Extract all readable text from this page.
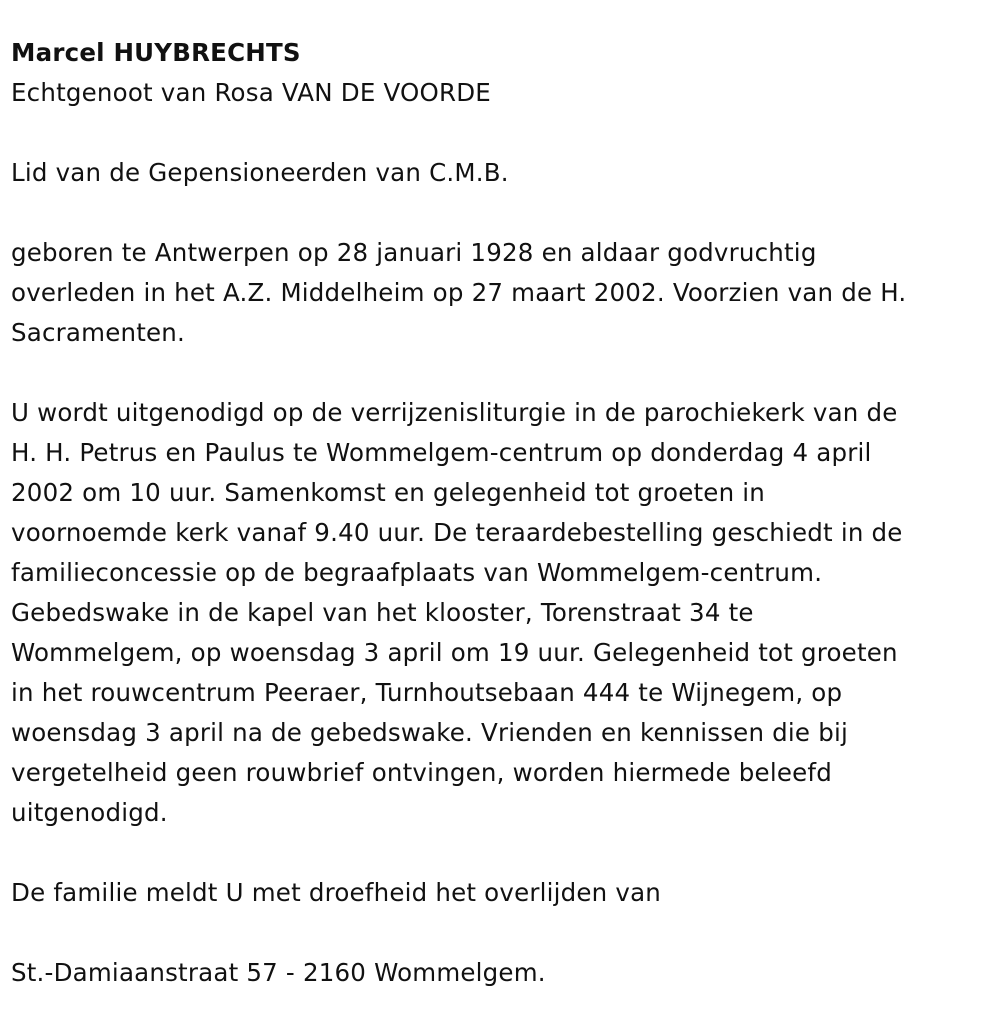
Marcel HUYBRECHTS
Echtgenoot van Rosa VAN DE VOORDE
Lid van de Gepensioneerden van C.M.B.
geboren te Antwerpen op 28 januari 1928 en aldaar godvruchtig
overleden in het A.Z. Middelheim op 27 maart 2002. Voorzien van de H.
Sacramenten.
U wordt uitgenodigd op de verrijzenisliturgie in de parochiekerk van de
H. H. Petrus en Paulus te Wommelgem-centrum op donderdag 4 april
2002 om 10 uur. Samenkomst en gelegenheid tot groeten in
voornoemde kerk vanaf 9.40 uur. De teraardebestelling geschiedt in de
familieconcessie op de begraafplaats van Wommelgem-centrum.
Gebedswake in de kapel van het klooster, Torenstraat 34 te
Wommelgem, op woensdag 3 april om 19 uur. Gelegenheid tot groeten
in het rouwcentrum Peeraer, Turnhoutsebaan 444 te Wijnegem, op
woensdag 3 april na de gebedswake. Vrienden en kennissen die bij
vergetelheid geen rouwbrief ontvingen, worden hiermede beleefd
uitgenodigd.
De familie meldt U met droefheid het overlijden van
St.-Damiaanstraat 57 - 2160 Wommelgem.
